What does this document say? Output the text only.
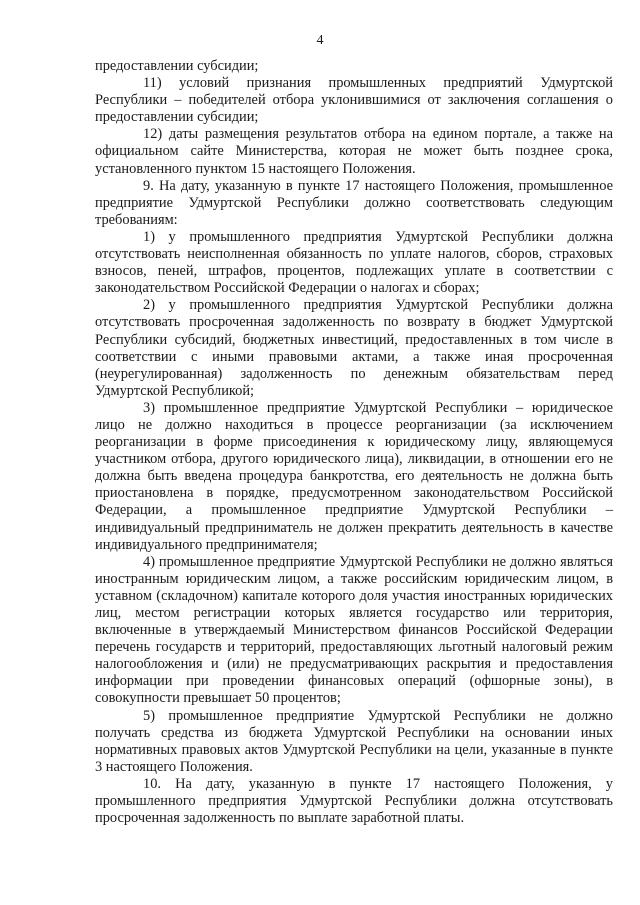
4

предоставлении субсидии;

11) условий признания промышленных предприятий Удмуртской Республики – победителей отбора уклонившимися от заключения соглашения о предоставлении субсидии;

12) даты размещения результатов отбора на едином портале, а также на официальном сайте Министерства, которая не может быть позднее срока, установленного пунктом 15 настоящего Положения.

9. На дату, указанную в пункте 17 настоящего Положения, промышленное предприятие Удмуртской Республики должно соответствовать следующим требованиям:

1) у промышленного предприятия Удмуртской Республики должна отсутствовать неисполненная обязанность по уплате налогов, сборов, страховых взносов, пеней, штрафов, процентов, подлежащих уплате в соответствии с законодательством Российской Федерации о налогах и сборах;

2) у промышленного предприятия Удмуртской Республики должна отсутствовать просроченная задолженность по возврату в бюджет Удмуртской Республики субсидий, бюджетных инвестиций, предоставленных в том числе в соответствии с иными правовыми актами, а также иная просроченная (неурегулированная) задолженность по денежным обязательствам перед Удмуртской Республикой;

3) промышленное предприятие Удмуртской Республики – юридическое лицо не должно находиться в процессе реорганизации (за исключением реорганизации в форме присоединения к юридическому лицу, являющемуся участником отбора, другого юридического лица), ликвидации, в отношении его не должна быть введена процедура банкротства, его деятельность не должна быть приостановлена в порядке, предусмотренном законодательством Российской Федерации, а промышленное предприятие Удмуртской Республики – индивидуальный предприниматель не должен прекратить деятельность в качестве индивидуального предпринимателя;

4) промышленное предприятие Удмуртской Республики не должно являться иностранным юридическим лицом, а также российским юридическим лицом, в уставном (складочном) капитале которого доля участия иностранных юридических лиц, местом регистрации которых является государство или территория, включенные в утверждаемый Министерством финансов Российской Федерации перечень государств и территорий, предоставляющих льготный налоговый режим налогообложения и (или) не предусматривающих раскрытия и предоставления информации при проведении финансовых операций (офшорные зоны), в совокупности превышает 50 процентов;

5) промышленное предприятие Удмуртской Республики не должно получать средства из бюджета Удмуртской Республики на основании иных нормативных правовых актов Удмуртской Республики на цели, указанные в пункте 3 настоящего Положения.

10. На дату, указанную в пункте 17 настоящего Положения, у промышленного предприятия Удмуртской Республики должна отсутствовать просроченная задолженность по выплате заработной платы.
